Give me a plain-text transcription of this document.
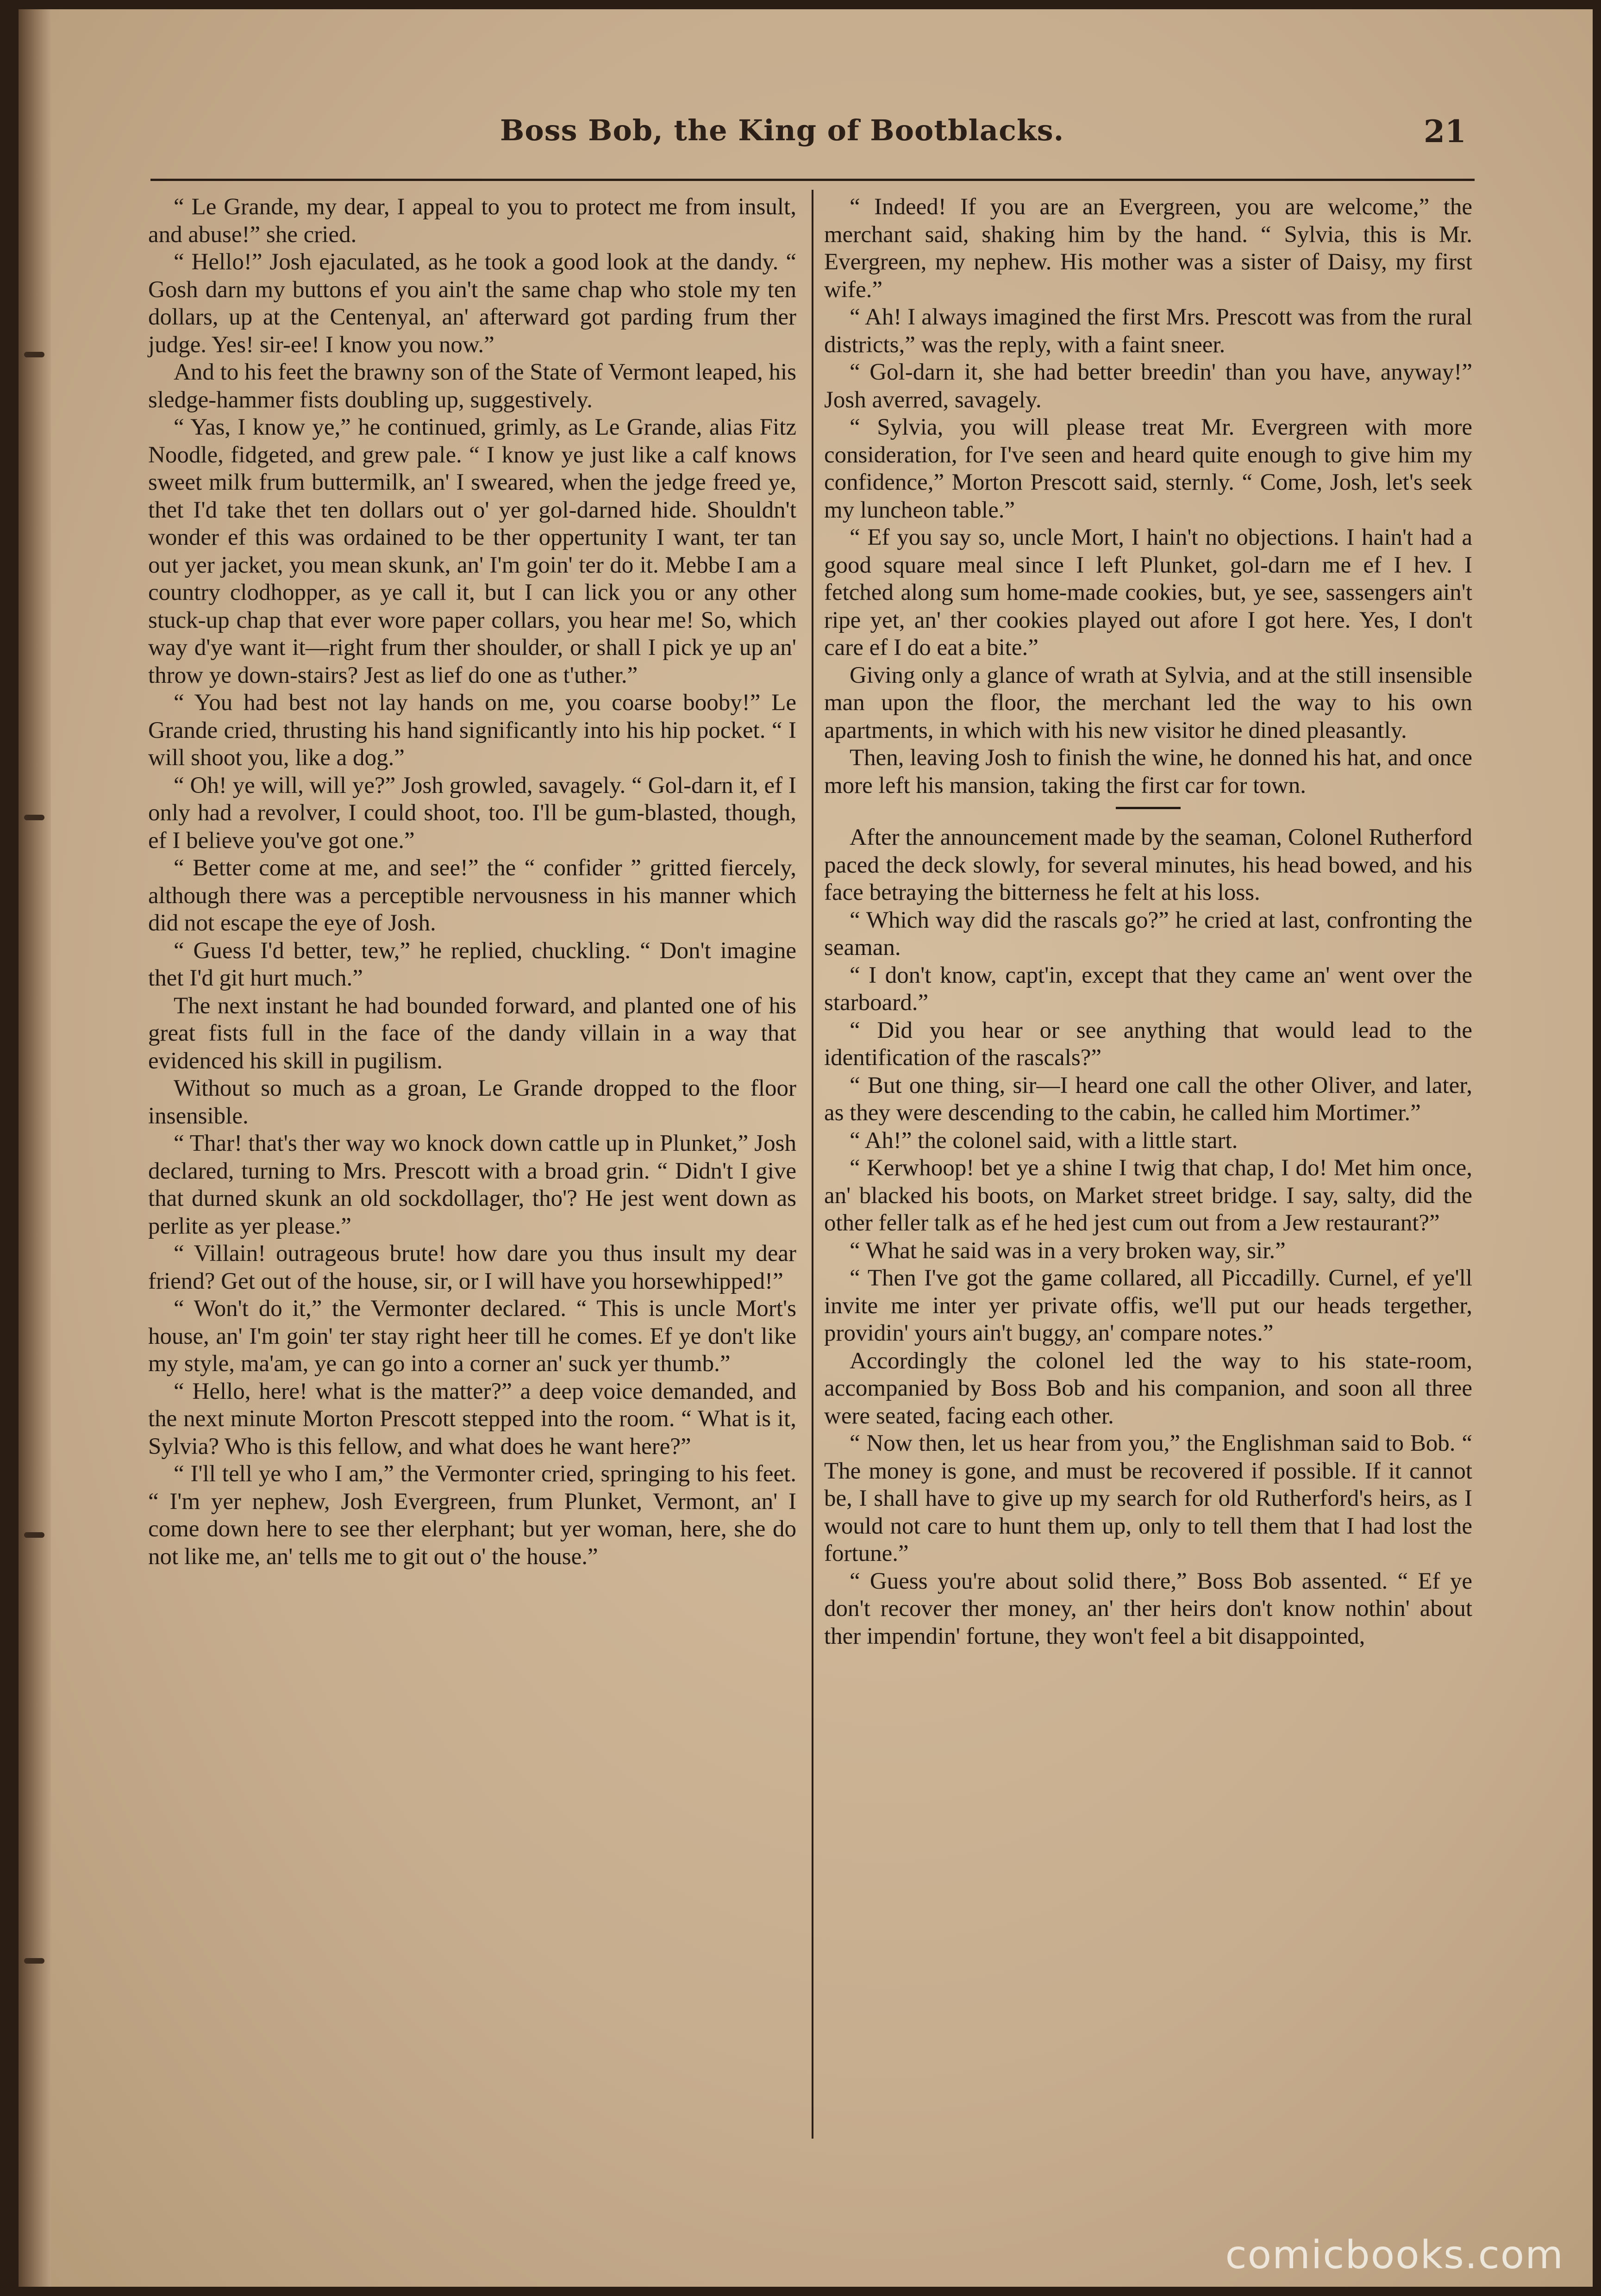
Boss Bob, the King of Bootblacks.	21

“ Le Grande, my dear, I appeal to you to protect me from insult, and abuse!” she cried.

“ Hello!” Josh ejaculated, as he took a good look at the dandy. “ Gosh darn my buttons ef you ain't the same chap who stole my ten dollars, up at the Centenyal, an' afterward got parding frum ther judge. Yes! sir-ee! I know you now.”

And to his feet the brawny son of the State of Vermont leaped, his sledge-hammer fists doubling up, suggestively.

“ Yas, I know ye,” he continued, grimly, as Le Grande, alias Fitz Noodle, fidgeted, and grew pale. “ I know ye just like a calf knows sweet milk frum buttermilk, an' I sweared, when the jedge freed ye, thet I'd take thet ten dollars out o' yer gol-darned hide. Shouldn't wonder ef this was ordained to be ther oppertunity I want, ter tan out yer jacket, you mean skunk, an' I'm goin' ter do it. Mebbe I am a country clodhopper, as ye call it, but I can lick you or any other stuck-up chap that ever wore paper collars, you hear me! So, which way d'ye want it—right frum ther shoulder, or shall I pick ye up an' throw ye down-stairs? Jest as lief do one as t'uther.”

“ You had best not lay hands on me, you coarse booby!” Le Grande cried, thrusting his hand significantly into his hip pocket. “ I will shoot you, like a dog.”

“ Oh! ye will, will ye?” Josh growled, savagely. “ Gol-darn it, ef I only had a revolver, I could shoot, too. I'll be gum-blasted, though, ef I believe you've got one.”

“ Better come at me, and see!” the “ confider ” gritted fiercely, although there was a perceptible nervousness in his manner which did not escape the eye of Josh.

“ Guess I'd better, tew,” he replied, chuckling. “ Don't imagine thet I'd git hurt much.”

The next instant he had bounded forward, and planted one of his great fists full in the face of the dandy villain in a way that evidenced his skill in pugilism.

Without so much as a groan, Le Grande dropped to the floor insensible.

“ Thar! that's ther way wo knock down cattle up in Plunket,” Josh declared, turning to Mrs. Prescott with a broad grin. “ Didn't I give that durned skunk an old sockdollager, tho'? He jest went down as perlite as yer please.”

“ Villain! outrageous brute! how dare you thus insult my dear friend? Get out of the house, sir, or I will have you horsewhipped!”

“ Won't do it,” the Vermonter declared. “ This is uncle Mort's house, an' I'm goin' ter stay right heer till he comes. Ef ye don't like my style, ma'am, ye can go into a corner an' suck yer thumb.”

“ Hello, here! what is the matter?” a deep voice demanded, and the next minute Morton Prescott stepped into the room. “ What is it, Sylvia? Who is this fellow, and what does he want here?”

“ I'll tell ye who I am,” the Vermonter cried, springing to his feet. “ I'm yer nephew, Josh Evergreen, frum Plunket, Vermont, an' I come down here to see ther elerphant; but yer woman, here, she do not like me, an' tells me to git out o' the house.”

“ Indeed! If you are an Evergreen, you are welcome,” the merchant said, shaking him by the hand. “ Sylvia, this is Mr. Evergreen, my nephew. His mother was a sister of Daisy, my first wife.”

“ Ah! I always imagined the first Mrs. Prescott was from the rural districts,” was the reply, with a faint sneer.

“ Gol-darn it, she had better breedin' than you have, anyway!” Josh averred, savagely.

“ Sylvia, you will please treat Mr. Evergreen with more consideration, for I've seen and heard quite enough to give him my confidence,” Morton Prescott said, sternly. “ Come, Josh, let's seek my luncheon table.”

“ Ef you say so, uncle Mort, I hain't no objections. I hain't had a good square meal since I left Plunket, gol-darn me ef I hev. I fetched along sum home-made cookies, but, ye see, sassengers ain't ripe yet, an' ther cookies played out afore I got here. Yes, I don't care ef I do eat a bite.”

Giving only a glance of wrath at Sylvia, and at the still insensible man upon the floor, the merchant led the way to his own apartments, in which with his new visitor he dined pleasantly.

Then, leaving Josh to finish the wine, he donned his hat, and once more left his mansion, taking the first car for town.

After the announcement made by the seaman, Colonel Rutherford paced the deck slowly, for several minutes, his head bowed, and his face betraying the bitterness he felt at his loss.

“ Which way did the rascals go?” he cried at last, confronting the seaman.

“ I don't know, capt'in, except that they came an' went over the starboard.”

“ Did you hear or see anything that would lead to the identification of the rascals?”

“ But one thing, sir—I heard one call the other Oliver, and later, as they were descending to the cabin, he called him Mortimer.”

“ Ah!” the colonel said, with a little start.

“ Kerwhoop! bet ye a shine I twig that chap, I do! Met him once, an' blacked his boots, on Market street bridge. I say, salty, did the other feller talk as ef he hed jest cum out from a Jew restaurant?”

“ What he said was in a very broken way, sir.”

“ Then I've got the game collared, all Piccadilly. Curnel, ef ye'll invite me inter yer private offis, we'll put our heads tergether, providin' yours ain't buggy, an' compare notes.”

Accordingly the colonel led the way to his state-room, accompanied by Boss Bob and his companion, and soon all three were seated, facing each other.

“ Now then, let us hear from you,” the Englishman said to Bob. “ The money is gone, and must be recovered if possible. If it cannot be, I shall have to give up my search for old Rutherford's heirs, as I would not care to hunt them up, only to tell them that I had lost the fortune.”

“ Guess you're about solid there,” Boss Bob assented. “ Ef ye don't recover ther money, an' ther heirs don't know nothin' about ther impendin' fortune, they won't feel a bit disappointed,

comicbooks.com
